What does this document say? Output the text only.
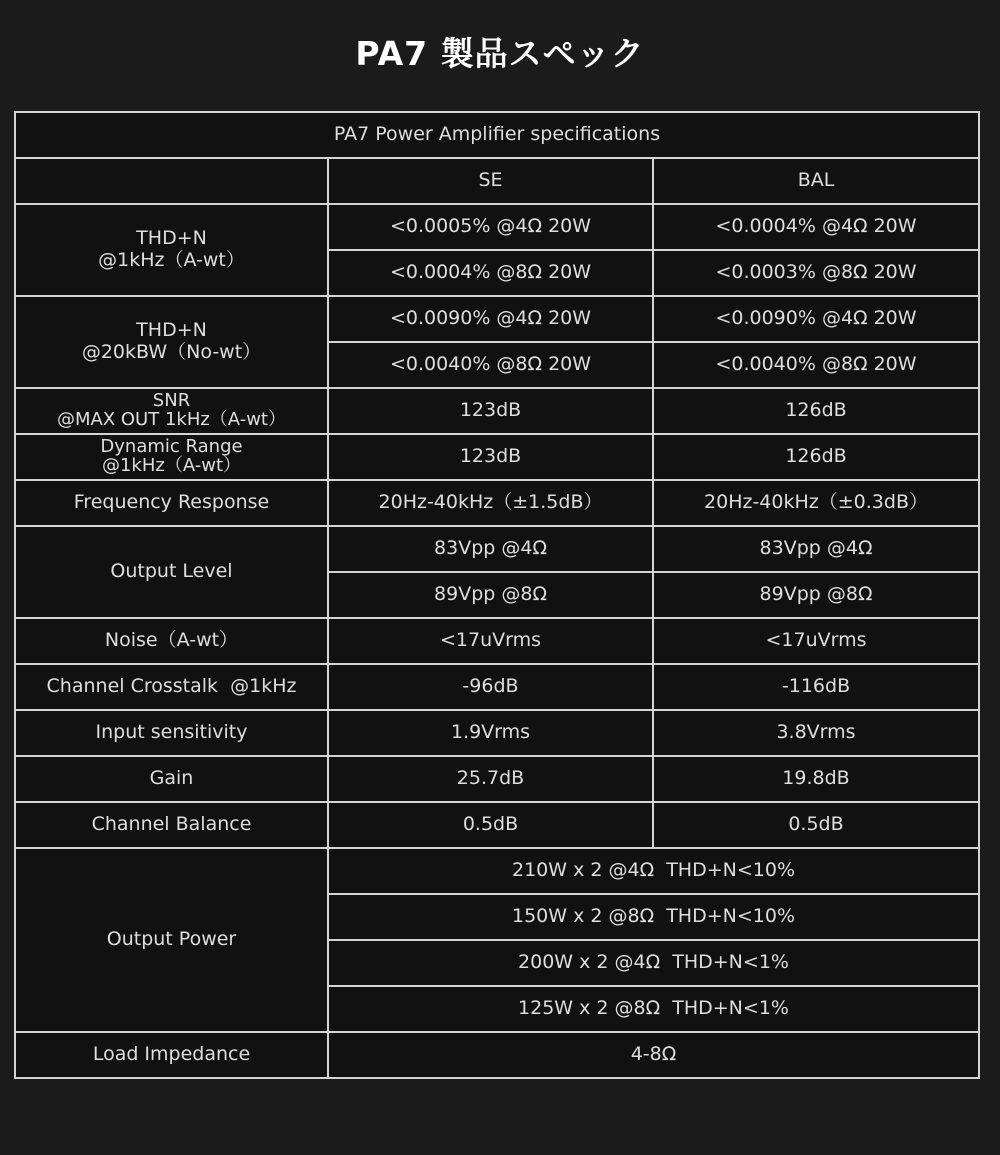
PA7 製品スペック
PA7 Power Amplifier specifications		
	SE	BAL

THD+N
@1kHz（A-wt）	<0.0005% @4Ω 20W	<0.0004% @4Ω 20W
	<0.0004% @8Ω 20W	<0.0003% @8Ω 20W

THD+N
@20kBW（No-wt）	<0.0090% @4Ω 20W	<0.0090% @4Ω 20W
	<0.0040% @8Ω 20W	<0.0040% @8Ω 20W

SNR
@MAX OUT 1kHz（A-wt）	123dB	126dB

Dynamic Range
@1kHz（A-wt）	123dB	126dB
Frequency Response	20Hz-40kHz（±1.5dB）	20Hz-40kHz（±0.3dB）
Output Level	83Vpp @4Ω	83Vpp @4Ω
	89Vpp @8Ω	89Vpp @8Ω
Noise（A-wt）	<17uVrms	<17uVrms
Channel Crosstalk  @1kHz	-96dB	-116dB
Input sensitivity	1.9Vrms	3.8Vrms
Gain	25.7dB	19.8dB
Channel Balance	0.5dB	0.5dB
Output Power	210W x 2 @4Ω  THD+N<10%	
	150W x 2 @8Ω  THD+N<10%	
	200W x 2 @4Ω  THD+N<1%	
	125W x 2 @8Ω  THD+N<1%	
Load Impedance	4-8Ω	
